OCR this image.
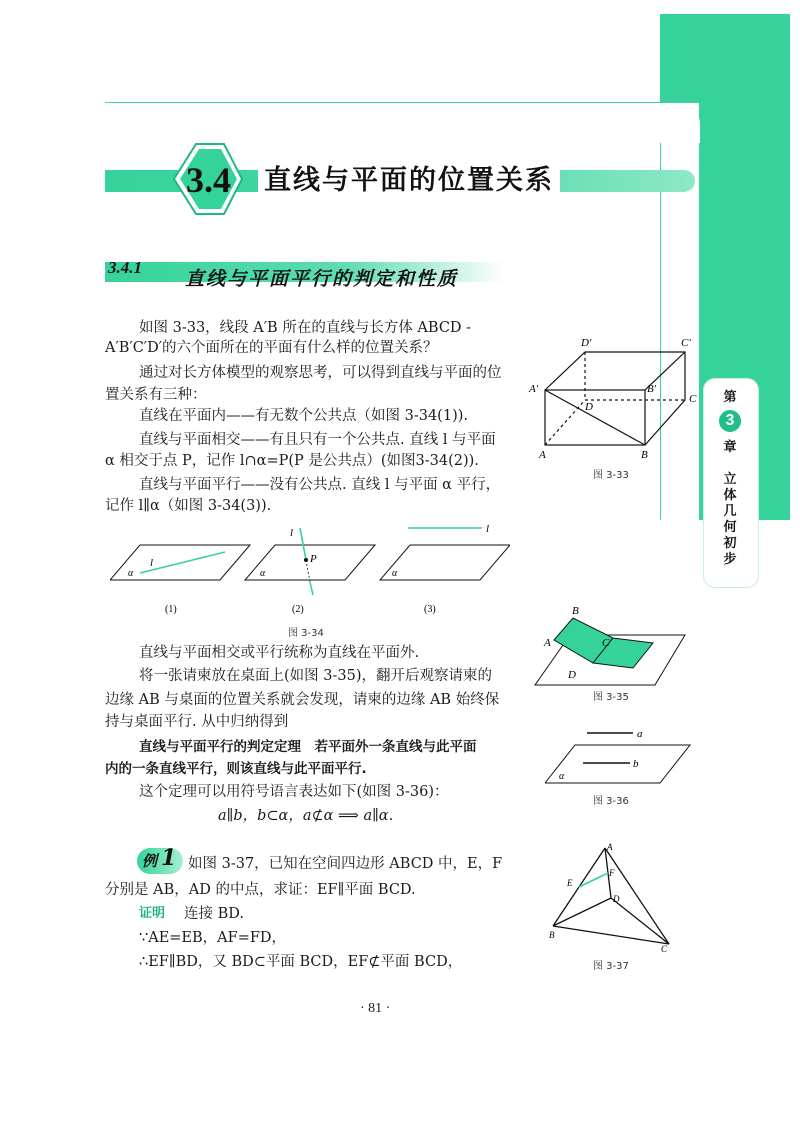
3.4 直线与平面的位置关系
3.4.1
直线与平面平行的判定和性质
第
3
章
立
体
几
何
初
步
如图 3-33，线段 A′B 所在的直线与长方体 ABCD -
A′B′C′D′的六个面所在的平面有什么样的位置关系？
通过对长方体模型的观察思考，可以得到直线与平面的位
置关系有三种：
直线在平面内——有无数个公共点（如图 3-34(1)).
直线与平面相交——有且只有一个公共点. 直线 l 与平面
α 相交于点 P，记作 l∩α=P(P 是公共点）(如图3-34(2)).
直线与平面平行——没有公共点. 直线 l 与平面 α 平行，
记作 l∥α（如图 3-34(3)).
D′	C′
A′	B′
D
C
A	B
图 3-33
l
l	l
P
α	α	α
(1)	(2)	(3)
图 3-34
A
B
C
D
图 3-35
直线与平面相交或平行统称为直线在平面外.
将一张请柬放在桌面上(如图 3-35)，翻开后观察请柬的
边缘 AB 与桌面的位置关系就会发现，请柬的边缘 AB 始终保
持与桌面平行. 从中归纳得到
直线与平面平行的判定定理　若平面外一条直线与此平面
内的一条直线平行，则该直线与此平面平行.
这个定理可以用符号语言表达如下(如图 3-36)：
a∥b，b⊂α，a⊄α ⟹ a∥α.
a
b
α
图 3-36
例 1 如图 3-37，已知在空间四边形 ABCD 中，E，F
分别是 AB，AD 的中点，求证：EF∥平面 BCD.
证明 连接 BD.
∵AE=EB，AF=FD，
∴EF∥BD，又 BD⊂平面 BCD，EF⊄平面 BCD，
A
E
F
D
B
C
图 3-37
· 81 ·
